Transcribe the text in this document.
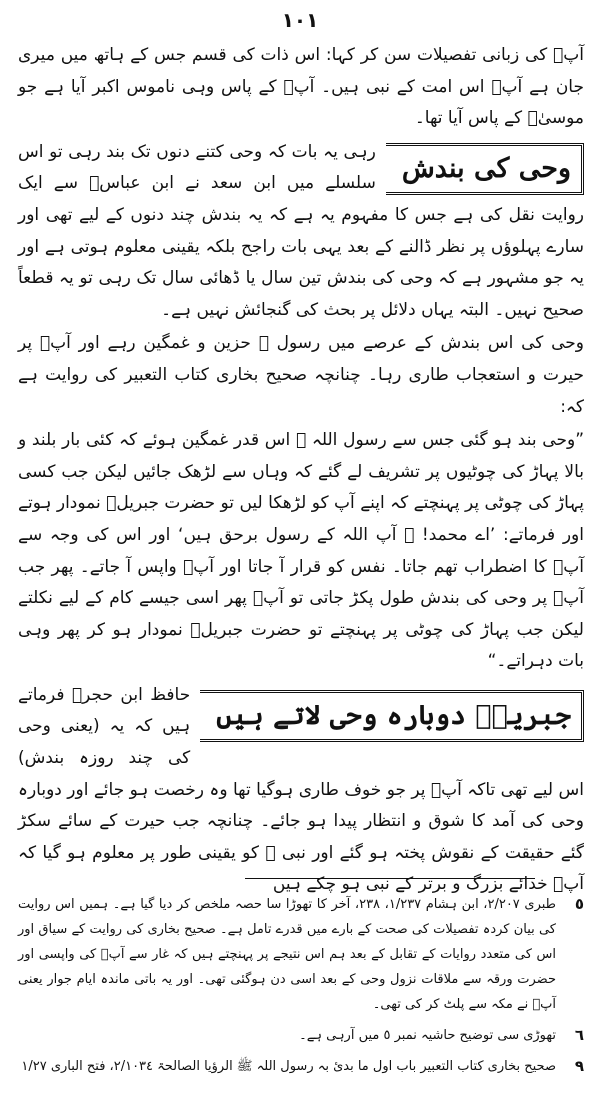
١٠١

آپؐ کی زبانی تفصیلات سن کر کہا: اس ذات کی قسم جس کے ہاتھ میں میری جان ہے آپؐ اس امت کے نبی ہیں۔ آپؐ کے پاس وہی ناموس اکبر آیا ہے جو موسیٰؑ کے پاس آیا تھا۔

وحی کی بندش

رہی یہ بات کہ وحی کتنے دنوں تک بند رہی تو اس سلسلے میں ابن سعد نے ابن عباسؓ سے ایک روایت نقل کی ہے جس کا مفہوم یہ ہے کہ یہ بندش چند دنوں کے لیے تھی اور سارے پہلوؤں پر نظر ڈالنے کے بعد یہی بات راجح بلکہ یقینی معلوم ہوتی ہے اور یہ جو مشہور ہے کہ وحی کی بندش تین سال یا ڈھائی سال تک رہی تو یہ قطعاً صحیح نہیں۔ البتہ یہاں دلائل پر بحث کی گنجائش نہیں ہے۔

وحی کی اس بندش کے عرصے میں رسول ﷺ حزین و غمگین رہے اور آپؐ پر حیرت و استعجاب طاری رہا۔ چنانچہ صحیح بخاری کتاب التعبیر کی روایت ہے کہ:

”وحی بند ہو گئی جس سے رسول اللہ ﷺ اس قدر غمگین ہوئے کہ کئی بار بلند و بالا پہاڑ کی چوٹیوں پر تشریف لے گئے کہ وہاں سے لڑھک جائیں لیکن جب کسی پہاڑ کی چوٹی پر پہنچتے کہ اپنے آپ کو لڑھکا لیں تو حضرت جبریلؑ نمودار ہوتے اور فرماتے: ’اے محمد! ﷺ آپ اللہ کے رسول برحق ہیں‘ اور اس کی وجہ سے آپؐ کا اضطراب تھم جاتا۔ نفس کو قرار آ جاتا اور آپؐ واپس آ جاتے۔ پھر جب آپؐ پر وحی کی بندش طول پکڑ جاتی تو آپؐ پھر اسی جیسے کام کے لیے نکلتے لیکن جب پہاڑ کی چوٹی پر پہنچتے تو حضرت جبریلؑ نمودار ہو کر پھر وہی بات دہراتے۔“

جبریلؑ دوبارہ وحی لاتے ہیں

حافظ ابن حجرؒ فرماتے ہیں کہ یہ (یعنی وحی کی چند روزہ بندش) اس لیے تھی تاکہ آپؐ پر جو خوف طاری ہوگیا تھا وہ رخصت ہو جائے اور دوبارہ وحی کی آمد کا شوق و انتظار پیدا ہو جائے۔ چنانچہ جب حیرت کے سائے سکڑ گئے حقیقت کے نقوش پختہ ہو گئے اور نبی ﷺ کو یقینی طور پر معلوم ہو گیا کہ آپؐ خدائے بزرگ و برتر کے نبی ہو چکے ہیں

٥
طبری ٢/٢٠٧، ابن ہشام ١/٢٣٧، ٢٣٨، آخر کا تھوڑا سا حصہ ملخص کر دیا گیا ہے۔ ہمیں اس روایت کی بیان کردہ تفصیلات کی صحت کے بارے میں قدرے تامل ہے۔ صحیح بخاری کی روایت کے سیاق اور اس کی متعدد روایات کے تقابل کے بعد ہم اس نتیجے پر پہنچتے ہیں کہ غار سے آپؐ کی واپسی اور حضرت ورقہ سے ملاقات نزول وحی کے بعد اسی دن ہوگئی تھی۔ اور یہ باتی ماندہ ایام جوار یعنی آپؐ نے مکہ سے پلٹ کر کی تھی۔
٦
تھوڑی سی توضیح حاشیہ نمبر ٥ میں آرہی ہے۔
٩
صحیح بخاری کتاب التعبیر باب اول ما بدئ بہ رسول اللہ ﷺ الرؤیا الصالحۃ ٢/١٠٣٤، فتح الباری ١/٢٧
